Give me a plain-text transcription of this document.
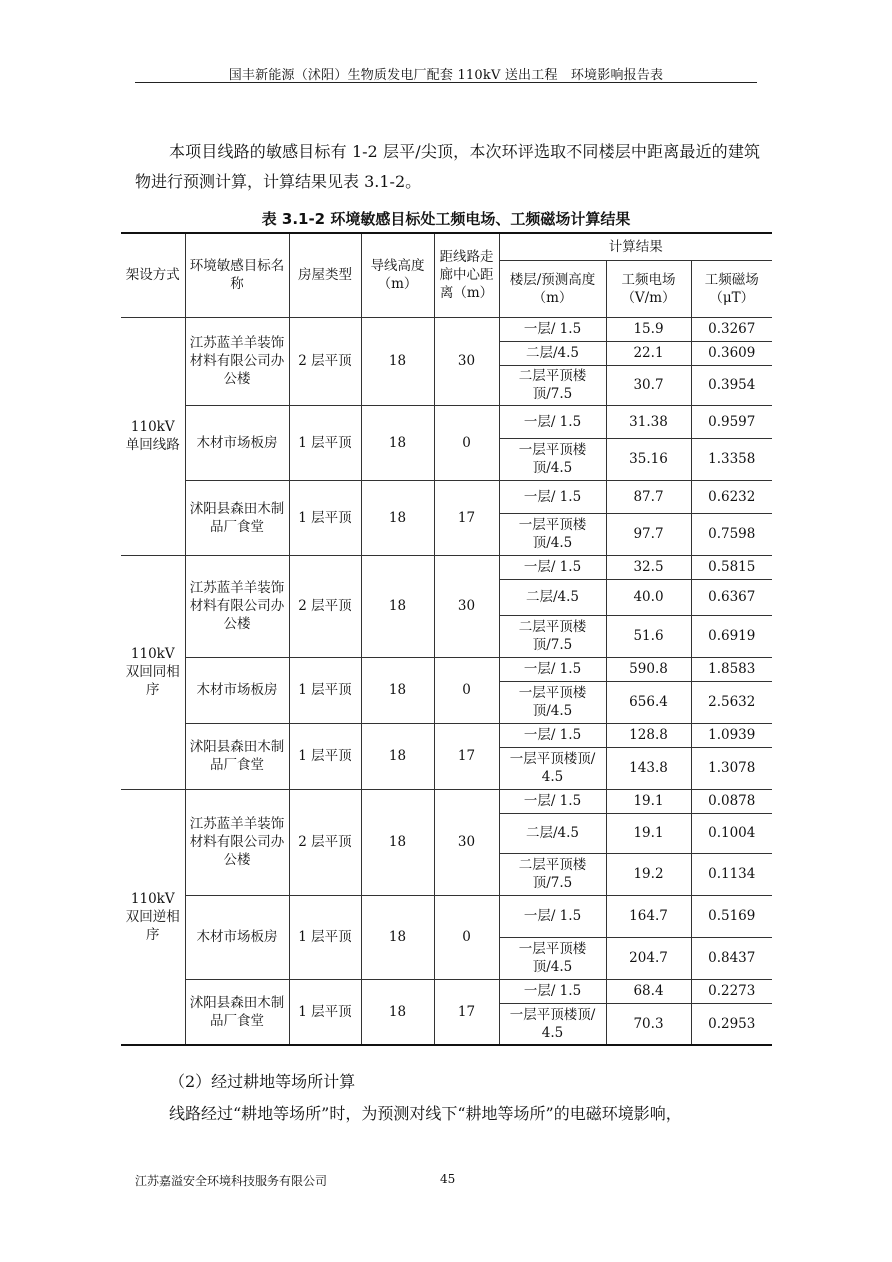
国丰新能源（沭阳）生物质发电厂配套 110kV 送出工程　环境影响报告表
本项目线路的敏感目标有 1-2 层平/尖顶，本次环评选取不同楼层中距离最近的建筑物进行预测计算，计算结果见表 3.1-2。
表 3.1-2 环境敏感目标处工频电场、工频磁场计算结果
架设方式	环境敏感目标名称	房屋类型	导线高度（m）	距线路走廊中心距离（m）	计算结果		
					楼层/预测高度（m）	工频电场（V/m）	工频磁场（μT）
110kV 单回线路	江苏蓝羊羊装饰材料有限公司办公楼	2 层平顶	18	30	一层/ 1.5	15.9	0.3267
					二层/4.5	22.1	0.3609
					二层平顶楼顶/7.5	30.7	0.3954
	木材市场板房	1 层平顶	18	0	一层/ 1.5	31.38	0.9597
					一层平顶楼顶/4.5	35.16	1.3358
	沭阳县森田木制品厂食堂	1 层平顶	18	17	一层/ 1.5	87.7	0.6232
					一层平顶楼顶/4.5	97.7	0.7598
110kV 双回同相序	江苏蓝羊羊装饰材料有限公司办公楼	2 层平顶	18	30	一层/ 1.5	32.5	0.5815
					二层/4.5	40.0	0.6367
					二层平顶楼顶/7.5	51.6	0.6919
	木材市场板房	1 层平顶	18	0	一层/ 1.5	590.8	1.8583
					一层平顶楼顶/4.5	656.4	2.5632
	沭阳县森田木制品厂食堂	1 层平顶	18	17	一层/ 1.5	128.8	1.0939
					一层平顶楼顶/ 4.5	143.8	1.3078
110kV 双回逆相序	江苏蓝羊羊装饰材料有限公司办公楼	2 层平顶	18	30	一层/ 1.5	19.1	0.0878
					二层/4.5	19.1	0.1004
					二层平顶楼顶/7.5	19.2	0.1134
	木材市场板房	1 层平顶	18	0	一层/ 1.5	164.7	0.5169
					一层平顶楼顶/4.5	204.7	0.8437
	沭阳县森田木制品厂食堂	1 层平顶	18	17	一层/ 1.5	68.4	0.2273
					一层平顶楼顶/ 4.5	70.3	0.2953
（2）经过耕地等场所计算
线路经过“耕地等场所”时，为预测对线下“耕地等场所”的电磁环境影响，
江苏嘉溢安全环境科技服务有限公司	45
